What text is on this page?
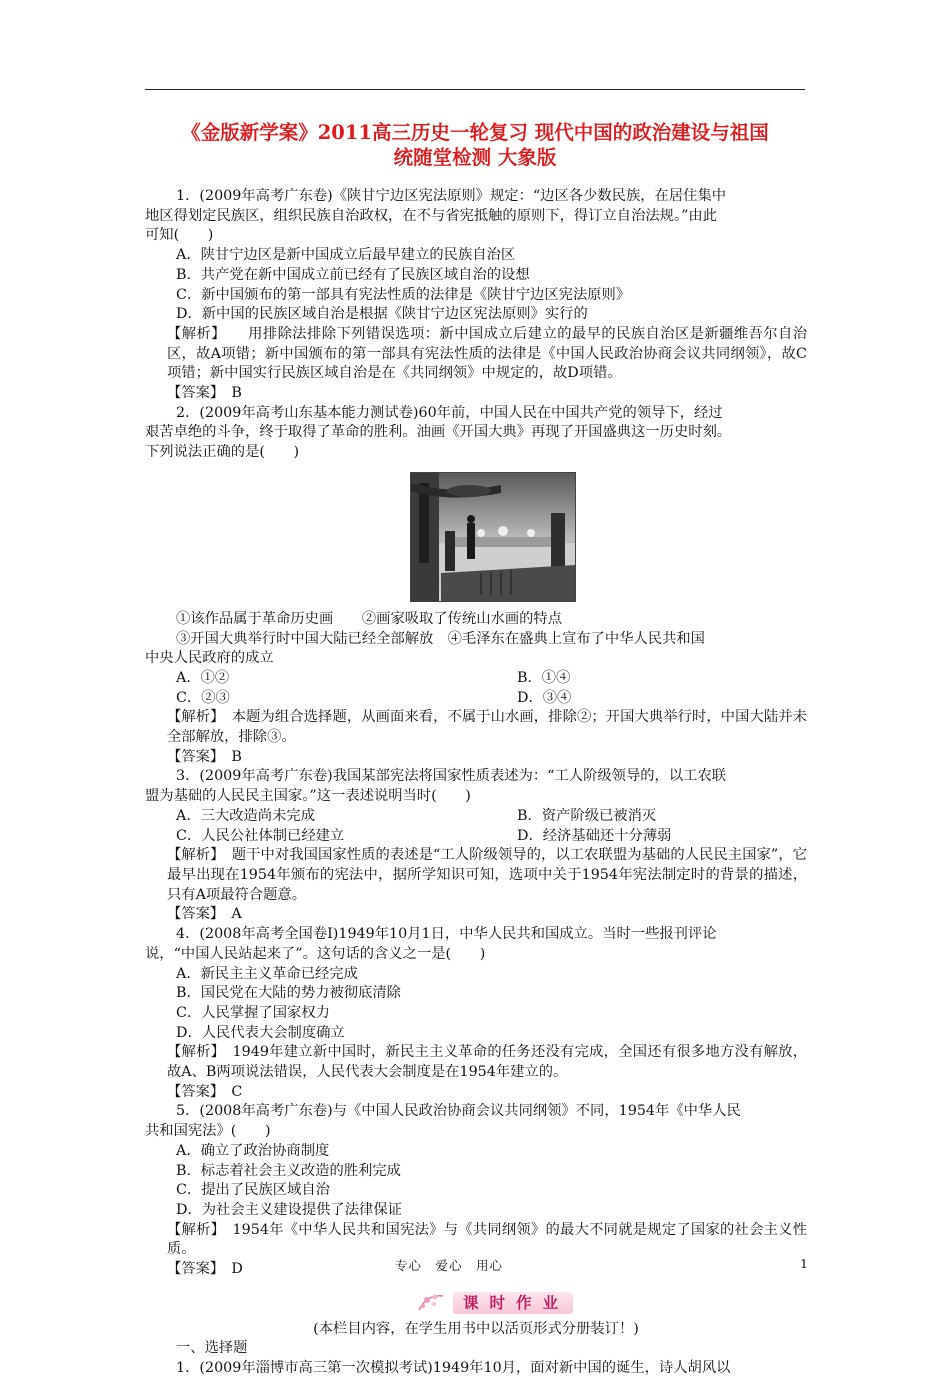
《金版新学案》2011高三历史一轮复习 现代中国的政治建设与祖国
统随堂检测 大象版

1．(2009年高考广东卷)《陕甘宁边区宪法原则》规定：“边区各少数民族，在居住集中

地区得划定民族区，组织民族自治政权，在不与省宪抵触的原则下，得订立自治法规。”由此

可知(　　)

A．陕甘宁边区是新中国成立后最早建立的民族自治区

B．共产党在新中国成立前已经有了民族区域自治的设想

C．新中国颁布的第一部具有宪法性质的法律是《陕甘宁边区宪法原则》

D．新中国的民族区域自治是根据《陕甘宁边区宪法原则》实行的

【解析】　　用排除法排除下列错误选项：新中国成立后建立的最早的民族自治区是新疆维吾尔自治区，故A项错；新中国颁布的第一部具有宪法性质的法律是《中国人民政治协商会议共同纲领》，故C项错；新中国实行民族区域自治是在《共同纲领》中规定的，故D项错。

【答案】　B

2．(2009年高考山东基本能力测试卷)60年前，中国人民在中国共产党的领导下，经过

艰苦卓绝的斗争，终于取得了革命的胜利。油画《开国大典》再现了开国盛典这一历史时刻。

下列说法正确的是(　　)

①该作品属于革命历史画　　②画家吸取了传统山水画的特点

③开国大典举行时中国大陆已经全部解放　④毛泽东在盛典上宣布了中华人民共和国

中央人民政府的成立

A．①②	B．①④
C．②③	D．③④

【解析】　本题为组合选择题，从画面来看，不属于山水画，排除②；开国大典举行时，中国大陆并未全部解放，排除③。

【答案】　B

3．(2009年高考广东卷)我国某部宪法将国家性质表述为：“工人阶级领导的，以工农联

盟为基础的人民民主国家。”这一表述说明当时(　　)

A．三大改造尚未完成	B．资产阶级已被消灭
C．人民公社体制已经建立	D．经济基础还十分薄弱

【解析】　题干中对我国国家性质的表述是“工人阶级领导的，以工农联盟为基础的人民民主国家”，它最早出现在1954年颁布的宪法中，据所学知识可知，选项中关于1954年宪法制定时的背景的描述，只有A项最符合题意。

【答案】　A

4．(2008年高考全国卷Ⅰ)1949年10月1日，中华人民共和国成立。当时一些报刊评论

说，“中国人民站起来了”。这句话的含义之一是(　　)

A．新民主主义革命已经完成

B．国民党在大陆的势力被彻底清除

C．人民掌握了国家权力

D．人民代表大会制度确立

【解析】　1949年建立新中国时，新民主主义革命的任务还没有完成，全国还有很多地方没有解放，故A、B两项说法错误，人民代表大会制度是在1954年建立的。

【答案】　C

5．(2008年高考广东卷)与《中国人民政治协商会议共同纲领》不同，1954年《中华人民

共和国宪法》(　　)

A．确立了政治协商制度

B．标志着社会主义改造的胜利完成

C．提出了民族区域自治

D．为社会主义建设提供了法律保证

【解析】　1954年《中华人民共和国宪法》与《共同纲领》的最大不同就是规定了国家的社会主义性质。

【答案】　D

课时作业

(本栏目内容，在学生用书中以活页形式分册装订！)

一、选择题

1．(2009年淄博市高三第一次模拟考试)1949年10月，面对新中国的诞生，诗人胡风以

专心　爱心　用心	1
